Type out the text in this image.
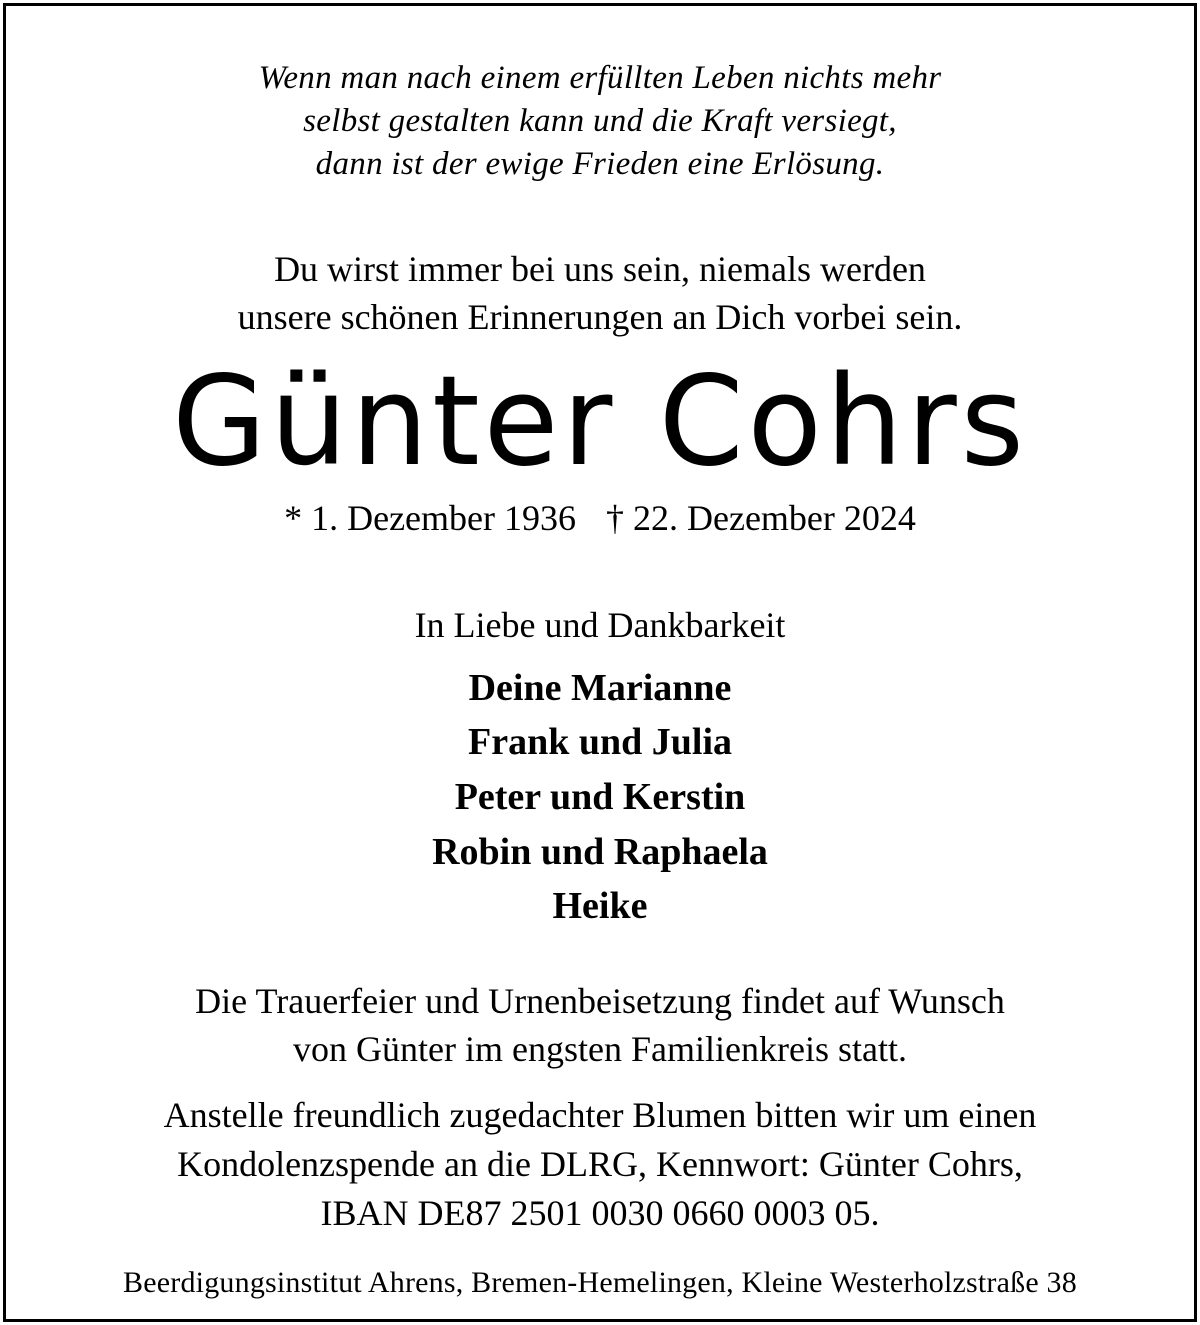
Wenn man nach einem erfüllten Leben nichts mehr
selbst gestalten kann und die Kraft versiegt,
dann ist der ewige Frieden eine Erlösung.
Du wirst immer bei uns sein, niemals werden
unsere schönen Erinnerungen an Dich vorbei sein.
Günter Cohrs
* 1. Dezember 1936 † 22. Dezember 2024
In Liebe und Dankbarkeit
Deine Marianne
Frank und Julia
Peter und Kerstin
Robin und Raphaela
Heike
Die Trauerfeier und Urnenbeisetzung findet auf Wunsch
von Günter im engsten Familienkreis statt.
Anstelle freundlich zugedachter Blumen bitten wir um einen
Kondolenzspende an die DLRG, Kennwort: Günter Cohrs,
IBAN DE87 2501 0030 0660 0003 05.
Beerdigungsinstitut Ahrens, Bremen-Hemelingen, Kleine Westerholzstraße 38
